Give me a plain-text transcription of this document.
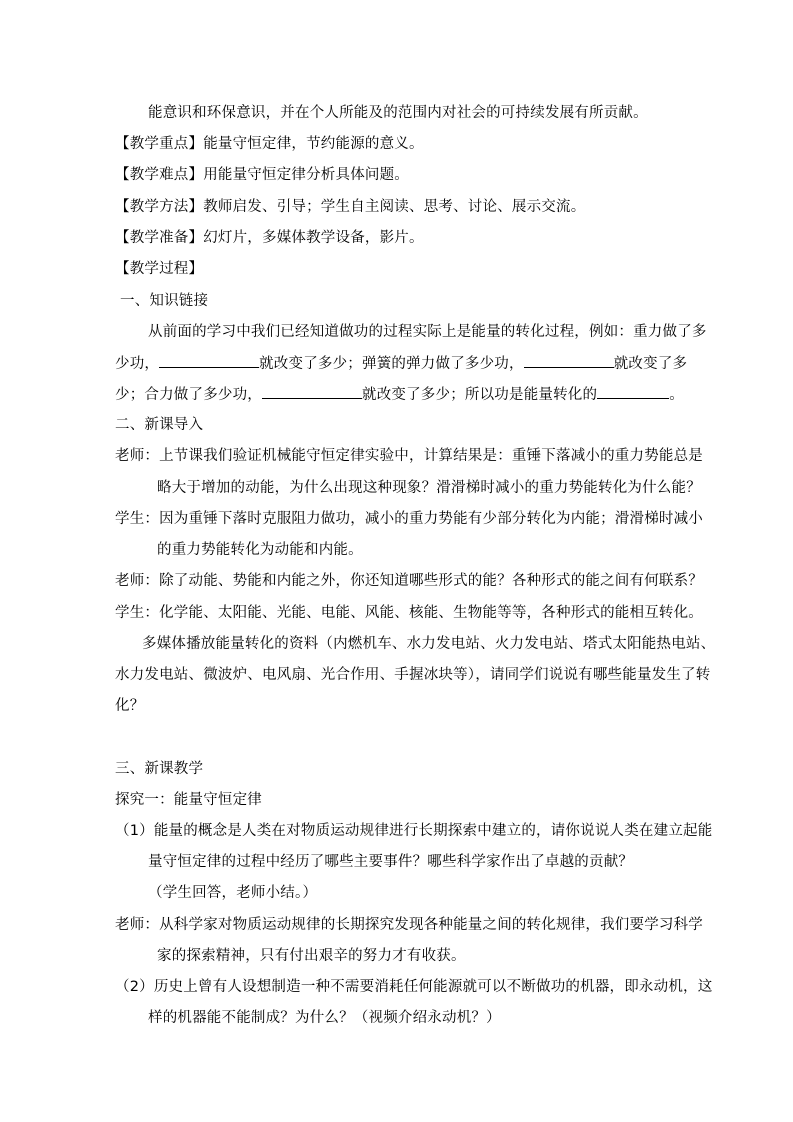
能意识和环保意识，并在个人所能及的范围内对社会的可持续发展有所贡献。
【教学重点】能量守恒定律，节约能源的意义。
【教学难点】用能量守恒定律分析具体问题。
【教学方法】教师启发、引导；学生自主阅读、思考、讨论、展示交流。
【教学准备】幻灯片，多媒体教学设备，影片。
【教学过程】
一、知识链接
从前面的学习中我们已经知道做功的过程实际上是能量的转化过程，例如：重力做了多
少功，	就改变了多少；弹簧的弹力做了多少功，	就改变了多
少；合力做了多少功，	就改变了多少；所以功是能量转化的	。
二、新课导入
老师：上节课我们验证机械能守恒定律实验中，计算结果是：重锤下落减小的重力势能总是
略大于增加的动能，为什么出现这种现象？滑滑梯时减小的重力势能转化为什么能？
学生：因为重锤下落时克服阻力做功，减小的重力势能有少部分转化为内能；滑滑梯时减小
的重力势能转化为动能和内能。
老师：除了动能、势能和内能之外，你还知道哪些形式的能？各种形式的能之间有何联系？
学生：化学能、太阳能、光能、电能、风能、核能、生物能等等，各种形式的能相互转化。
多媒体播放能量转化的资料（内燃机车、水力发电站、火力发电站、塔式太阳能热电站、
水力发电站、微波炉、电风扇、光合作用、手握冰块等），请同学们说说有哪些能量发生了转
化？
三、新课教学
探究一：能量守恒定律
（1）能量的概念是人类在对物质运动规律进行长期探索中建立的，请你说说人类在建立起能
量守恒定律的过程中经历了哪些主要事件？哪些科学家作出了卓越的贡献？
（学生回答，老师小结。）
老师：从科学家对物质运动规律的长期探究发现各种能量之间的转化规律，我们要学习科学
家的探索精神，只有付出艰辛的努力才有收获。
（2）历史上曾有人设想制造一种不需要消耗任何能源就可以不断做功的机器，即永动机，这
样的机器能不能制成？为什么？（视频介绍永动机？）
